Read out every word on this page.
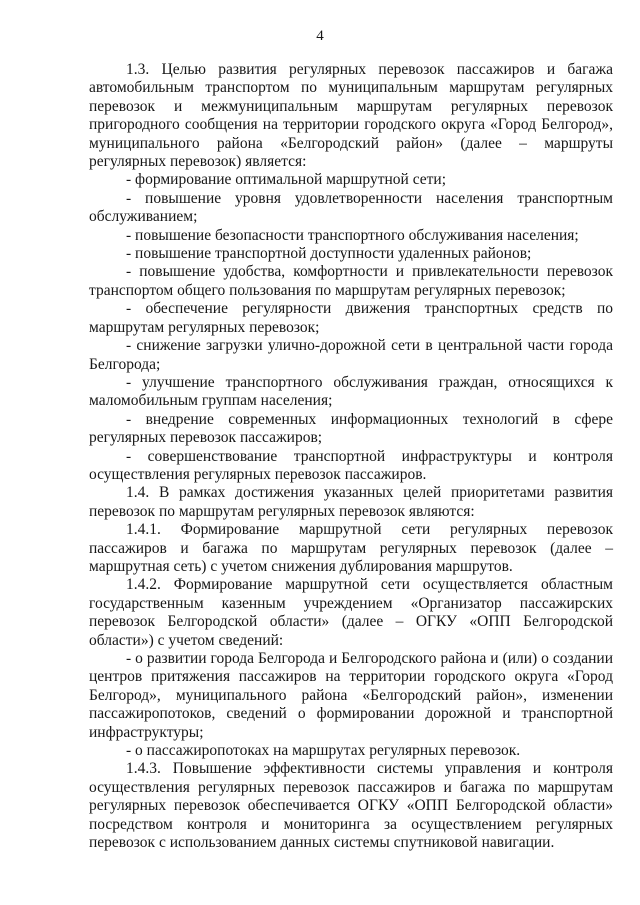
4

1.3. Целью развития регулярных перевозок пассажиров и багажа автомобильным транспортом по муниципальным маршрутам регулярных перевозок и межмуниципальным маршрутам регулярных перевозок пригородного сообщения на территории городского округа «Город Белгород», муниципального района «Белгородский район» (далее – маршруты регулярных перевозок) является:

- формирование оптимальной маршрутной сети;

- повышение уровня удовлетворенности населения транспортным обслуживанием;

- повышение безопасности транспортного обслуживания населения;

- повышение транспортной доступности удаленных районов;

- повышение удобства, комфортности и привлекательности перевозок транспортом общего пользования по маршрутам регулярных перевозок;

- обеспечение регулярности движения транспортных средств по маршрутам регулярных перевозок;

- снижение загрузки улично-дорожной сети в центральной части города Белгорода;

- улучшение транспортного обслуживания граждан, относящихся к маломобильным группам населения;

- внедрение современных информационных технологий в сфере регулярных перевозок пассажиров;

- совершенствование транспортной инфраструктуры и контроля осуществления регулярных перевозок пассажиров.

1.4. В рамках достижения указанных целей приоритетами развития перевозок по маршрутам регулярных перевозок являются:

1.4.1. Формирование маршрутной сети регулярных перевозок пассажиров и багажа по маршрутам регулярных перевозок (далее – маршрутная сеть) с учетом снижения дублирования маршрутов.

1.4.2. Формирование маршрутной сети осуществляется областным государственным казенным учреждением «Организатор пассажирских перевозок Белгородской области» (далее – ОГКУ «ОПП Белгородской области») с учетом сведений:

- о развитии города Белгорода и Белгородского района и (или) о создании центров притяжения пассажиров на территории городского округа «Город Белгород», муниципального района «Белгородский район», изменении пассажиропотоков, сведений о формировании дорожной и транспортной инфраструктуры;

- о пассажиропотоках на маршрутах регулярных перевозок.

1.4.3. Повышение эффективности системы управления и контроля осуществления регулярных перевозок пассажиров и багажа по маршрутам регулярных перевозок обеспечивается ОГКУ «ОПП Белгородской области» посредством контроля и мониторинга за осуществлением регулярных перевозок с использованием данных системы спутниковой навигации.
